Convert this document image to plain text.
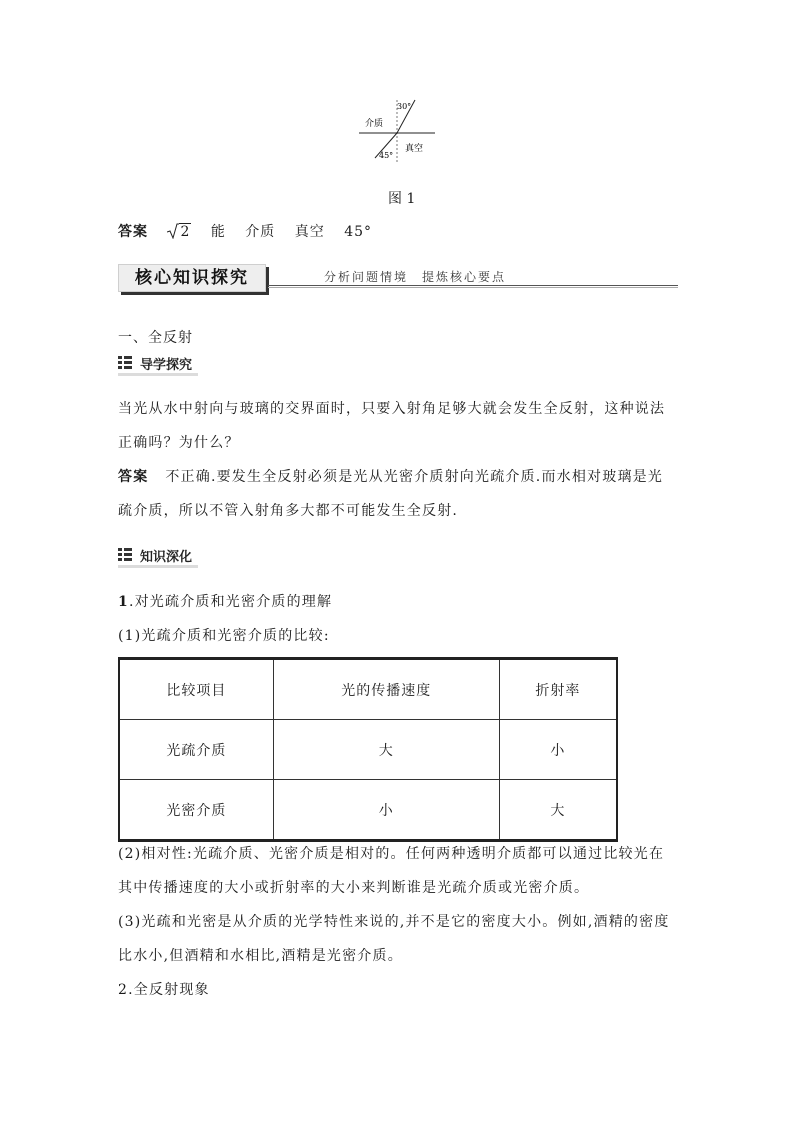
30°
介质
真空
45°
图 1
答案 2 能 介质 真空 45°
核心知识探究	分析问题情境　提炼核心要点
一、全反射
导学探究
当光从水中射向与玻璃的交界面时，只要入射角足够大就会发生全反射，这种说法正确吗？为什么？
答案 不正确.要发生全反射必须是光从光密介质射向光疏介质.而水相对玻璃是光疏介质，所以不管入射角多大都不可能发生全反射.
知识深化
1.对光疏介质和光密介质的理解
(1)光疏介质和光密介质的比较:
比较项目	光的传播速度	折射率
光疏介质	大	小
光密介质	小	大
(2)相对性:光疏介质、光密介质是相对的。任何两种透明介质都可以通过比较光在其中传播速度的大小或折射率的大小来判断谁是光疏介质或光密介质。
(3)光疏和光密是从介质的光学特性来说的,并不是它的密度大小。例如,酒精的密度比水小,但酒精和水相比,酒精是光密介质。
2.全反射现象
